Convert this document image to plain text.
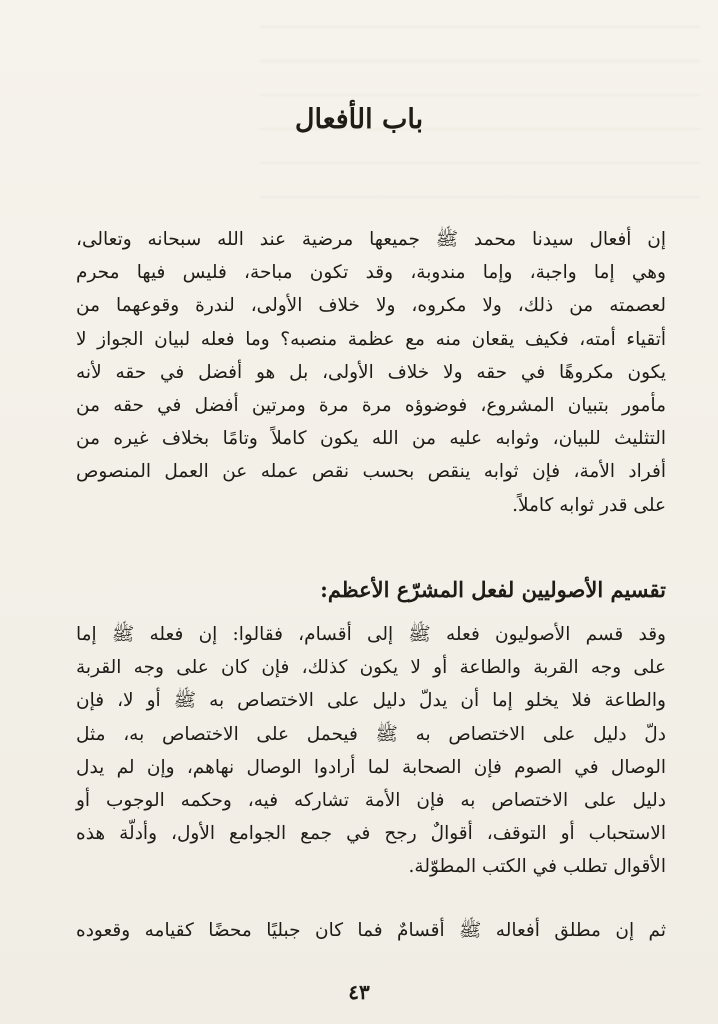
باب الأفعال

إن أفعال سيدنا محمد ﷺ جميعها مرضية عند الله سبحانه وتعالى،

وهي إما واجبة، وإما مندوبة، وقد تكون مباحة، فليس فيها محرم

لعصمته من ذلك، ولا مكروه، ولا خلاف الأولى، لندرة وقوعهما من

أتقياء أمته، فكيف يقعان منه مع عظمة منصبه؟ وما فعله لبيان الجواز لا

يكون مكروهًا في حقه ولا خلاف الأولى، بل هو أفضل في حقه لأنه

مأمور بتبيان المشروع، فوضوؤه مرة مرة ومرتين أفضل في حقه من

التثليث للبيان، وثوابه عليه من الله يكون كاملاً وتامًا بخلاف غيره من

أفراد الأمة، فإن ثوابه ينقص بحسب نقص عمله عن العمل المنصوص

على قدر ثوابه كاملاً.

تقسيم الأصوليين لفعل المشرّع الأعظم:

وقد قسم الأصوليون فعله ﷺ إلى أقسام، فقالوا: إن فعله ﷺ إما

على وجه القربة والطاعة أو لا يكون كذلك، فإن كان على وجه القربة

والطاعة فلا يخلو إما أن يدلّ دليل على الاختصاص به ﷺ أو لا، فإن

دلّ دليل على الاختصاص به ﷺ فيحمل على الاختصاص به، مثل

الوصال في الصوم فإن الصحابة لما أرادوا الوصال نهاهم، وإن لم يدل

دليل على الاختصاص به فإن الأمة تشاركه فيه، وحكمه الوجوب أو

الاستحباب أو التوقف، أقوالٌ رجح في جمع الجوامع الأول، وأدلّة هذه

الأقوال تطلب في الكتب المطوّلة.

ثم إن مطلق أفعاله ﷺ أقسامٌ فما كان جبليًا محضًا كقيامه وقعوده

٤٣
